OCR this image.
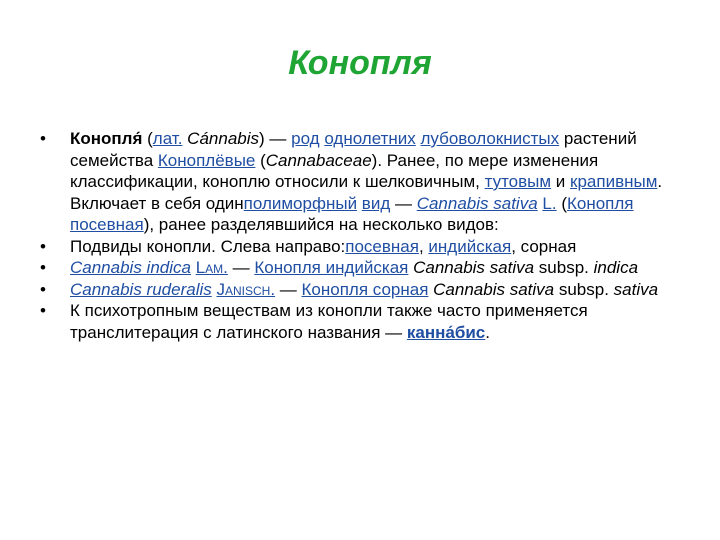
Конопля

• Конопля́ (лат. Cánnabis) — род однолетних лубоволокнистых растений семейства Коноплёвые (Cannabaceae). Ранее, по мере изменения классификации, коноплю относили к шелковичным, тутовым и крапивным. Включает в себя одинполиморфный вид — Cannabis sativa L. (Конопля посевная), ранее разделявшийся на несколько видов:

• Подвиды конопли. Слева направо:посевная, индийская, сорная

• Cannabis indica Lam. — Конопля индийская Cannabis sativa subsp. indica

• Cannabis ruderalis Janisch. — Конопля сорная Cannabis sativa subsp. sativa

• К психотропным веществам из конопли также часто применяется транслитерация с латинского названия — канна́бис.
